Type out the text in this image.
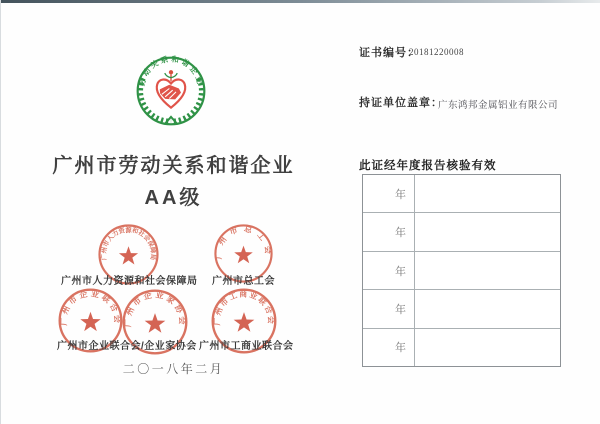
劳动关系和谐企业
广州市劳动关系和谐企业
AA级
广州市人力资源和社会保障局	广州市总工会
广州市企业联合会 广州市企业家协会 广州市工商业联合会
广州市人力资源和社会保障局 广州市总工会
广州市企业联合会/企业家协会 广州市工商业联合会
二〇一八年二月
证书编号：
20181220008
持证单位盖章：
广东鸿邦金属铝业有限公司
此证经年度报告核验有效
年
年
年
年
年
